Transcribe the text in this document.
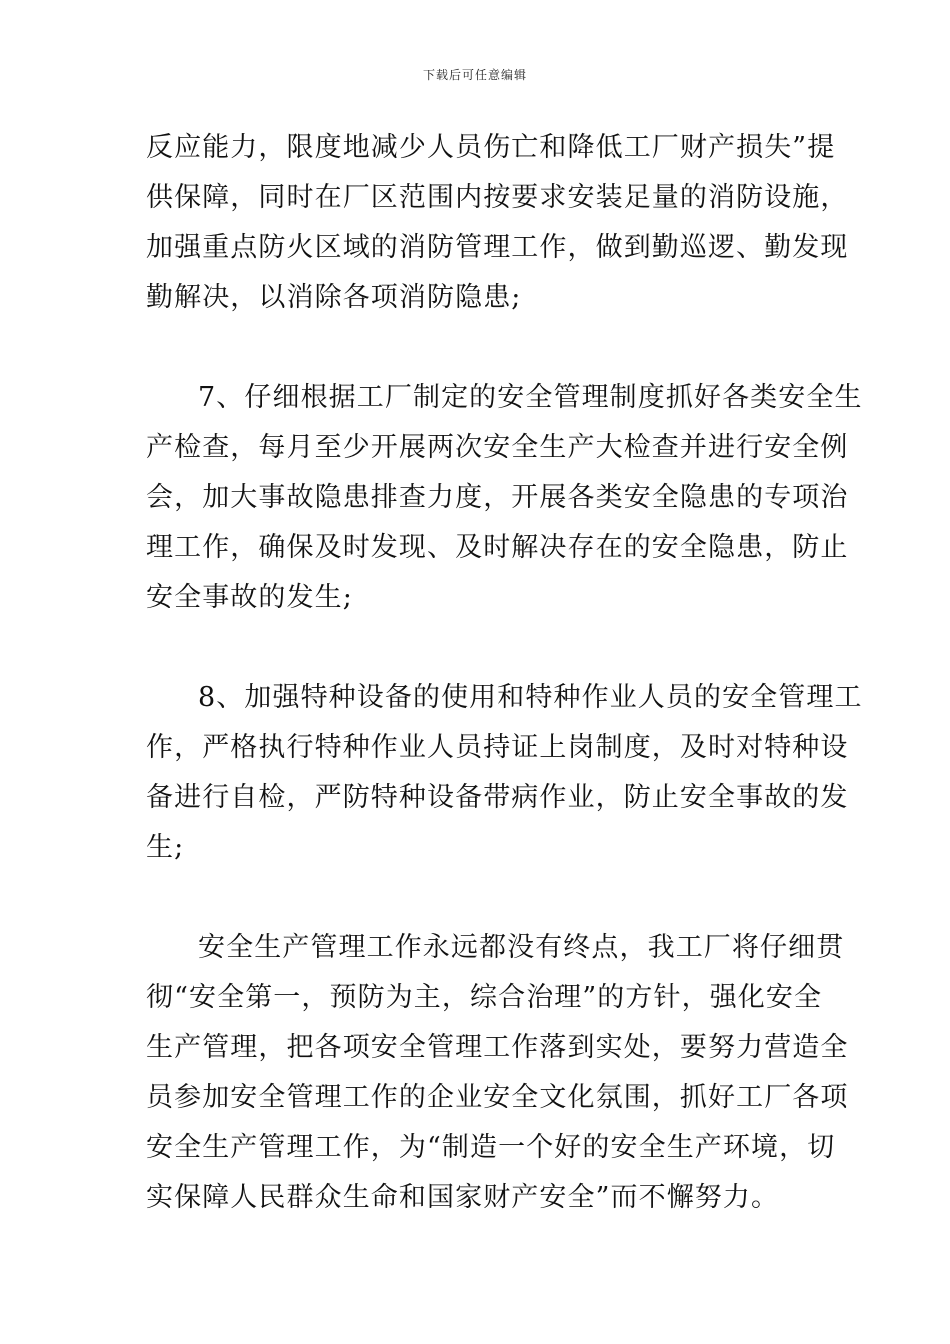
下载后可任意编辑
反应能力，限度地减少人员伤亡和降低工厂财产损失”提
供保障，同时在厂区范围内按要求安装足量的消防设施，
加强重点防火区域的消防管理工作，做到勤巡逻、勤发现
勤解决，以消除各项消防隐患;
7、仔细根据工厂制定的安全管理制度抓好各类安全生
产检查，每月至少开展两次安全生产大检查并进行安全例
会，加大事故隐患排查力度，开展各类安全隐患的专项治
理工作，确保及时发现、及时解决存在的安全隐患，防止
安全事故的发生;
8、加强特种设备的使用和特种作业人员的安全管理工
作，严格执行特种作业人员持证上岗制度，及时对特种设
备进行自检，严防特种设备带病作业，防止安全事故的发
生;
安全生产管理工作永远都没有终点，我工厂将仔细贯
彻“安全第一，预防为主，综合治理”的方针，强化安全
生产管理，把各项安全管理工作落到实处，要努力营造全
员参加安全管理工作的企业安全文化氛围，抓好工厂各项
安全生产管理工作，为“制造一个好的安全生产环境，切
实保障人民群众生命和国家财产安全”而不懈努力。
